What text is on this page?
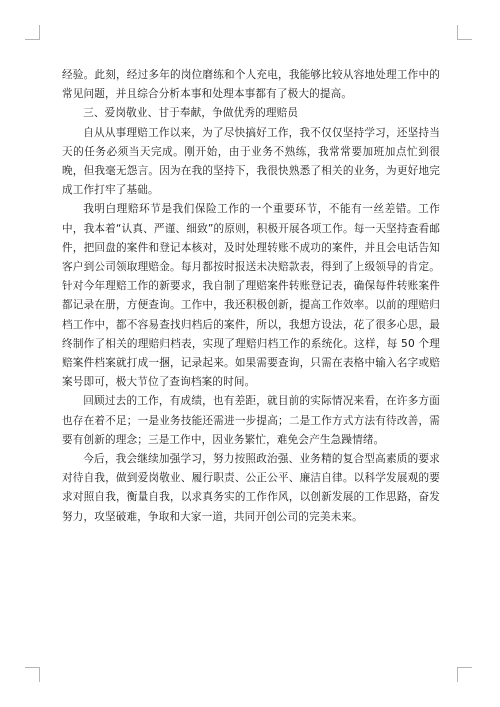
经验。此刻，经过多年的岗位磨练和个人充电，我能够比较从容地处理工作中的常见问题，并且综合分析本事和处理本事都有了极大的提高。

三、爱岗敬业、甘于奉献，争做优秀的理赔员

自从从事理赔工作以来，为了尽快搞好工作，我不仅仅坚持学习，还坚持当天的任务必须当天完成。刚开始，由于业务不熟练，我常常要加班加点忙到很晚，但我毫无怨言。因为在我的坚持下，我很快熟悉了相关的业务，为更好地完成工作打牢了基础。

我明白理赔环节是我们保险工作的一个重要环节，不能有一丝差错。工作中，我本着“认真、严谨、细致”的原则，积极开展各项工作。每一天坚持查看邮件，把回盘的案件和登记本核对，及时处理转账不成功的案件，并且会电话告知客户到公司领取理赔金。每月都按时报送未决赔款表，得到了上级领导的肯定。针对今年理赔工作的新要求，我自制了理赔案件转账登记表，确保每件转账案件都记录在册，方便查询。工作中，我还积极创新，提高工作效率。以前的理赔归档工作中，都不容易查找归档后的案件，所以，我想方设法，花了很多心思，最终制作了相关的理赔归档表，实现了理赔归档工作的系统化。这样，每 50 个理赔案件档案就打成一捆，记录起来。如果需要查询，只需在表格中输入名字或赔案号即可，极大节位了查询档案的时间。

回顾过去的工作，有成绩，也有差距，就目前的实际情况来看，在许多方面也存在着不足；一是业务技能还需进一步提高；二是工作方式方法有待改善，需要有创新的理念；三是工作中，因业务繁忙，难免会产生急躁情绪。

今后，我会继续加强学习，努力按照政治强、业务精的复合型高素质的要求对待自我，做到爱岗敬业、履行职责、公正公平、廉洁自律。以科学发展观的要求对照自我，衡量自我，以求真务实的工作作风，以创新发展的工作思路，奋发努力，攻坚破难，争取和大家一道，共同开创公司的完美未来。
